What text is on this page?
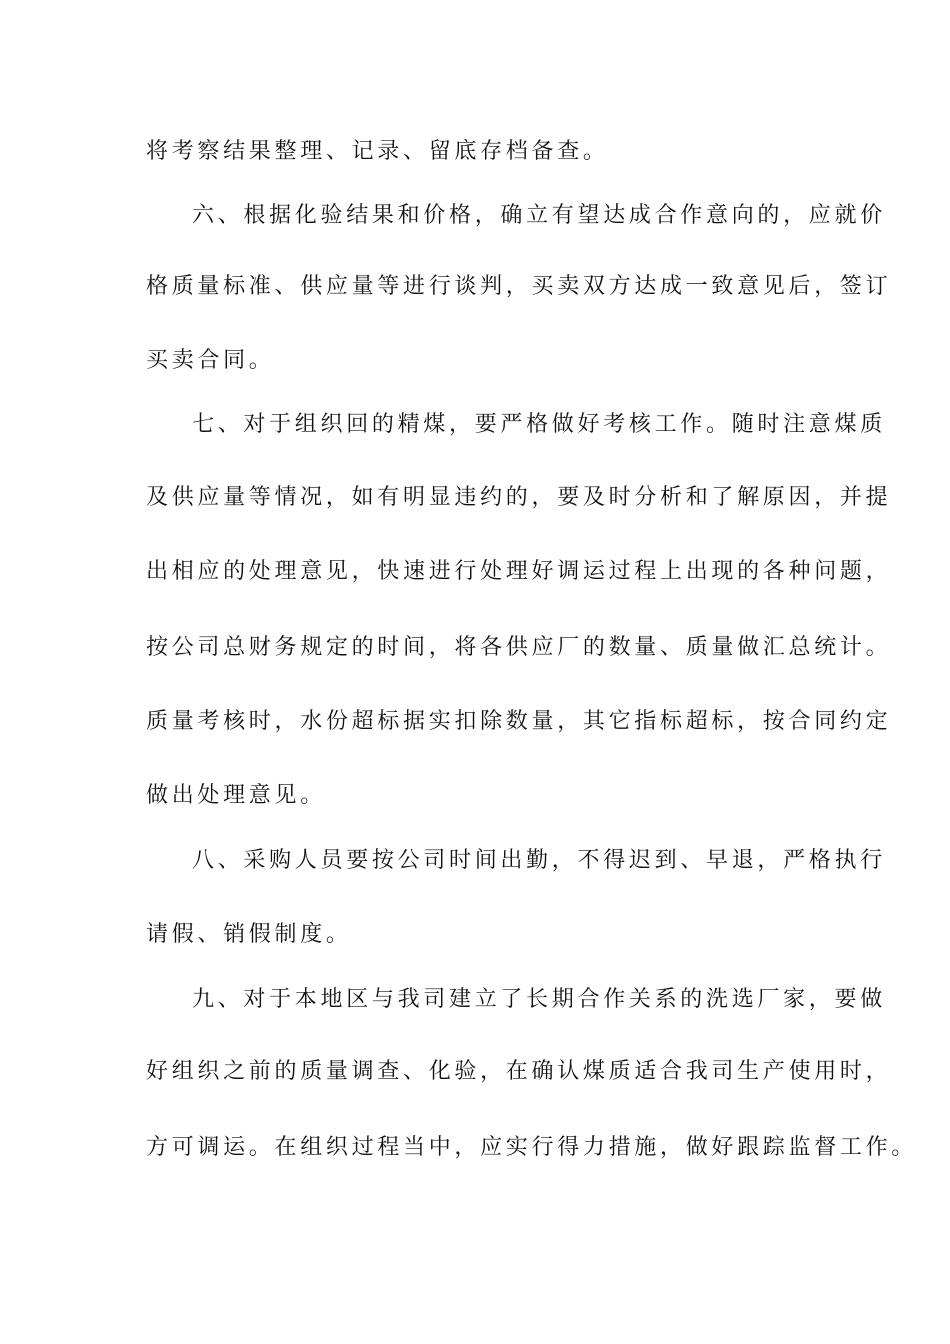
将考察结果整理、记录、留底存档备查。
六、根据化验结果和价格，确立有望达成合作意向的，应就价
格质量标准、供应量等进行谈判，买卖双方达成一致意见后，签订
买卖合同。
七、对于组织回的精煤，要严格做好考核工作。随时注意煤质
及供应量等情况，如有明显违约的，要及时分析和了解原因，并提
出相应的处理意见，快速进行处理好调运过程上出现的各种问题，
按公司总财务规定的时间，将各供应厂的数量、质量做汇总统计。
质量考核时，水份超标据实扣除数量，其它指标超标，按合同约定
做出处理意见。
八、采购人员要按公司时间出勤，不得迟到、早退，严格执行
请假、销假制度。
九、对于本地区与我司建立了长期合作关系的洗选厂家，要做
好组织之前的质量调查、化验，在确认煤质适合我司生产使用时，
方可调运。在组织过程当中，应实行得力措施，做好跟踪监督工作。
